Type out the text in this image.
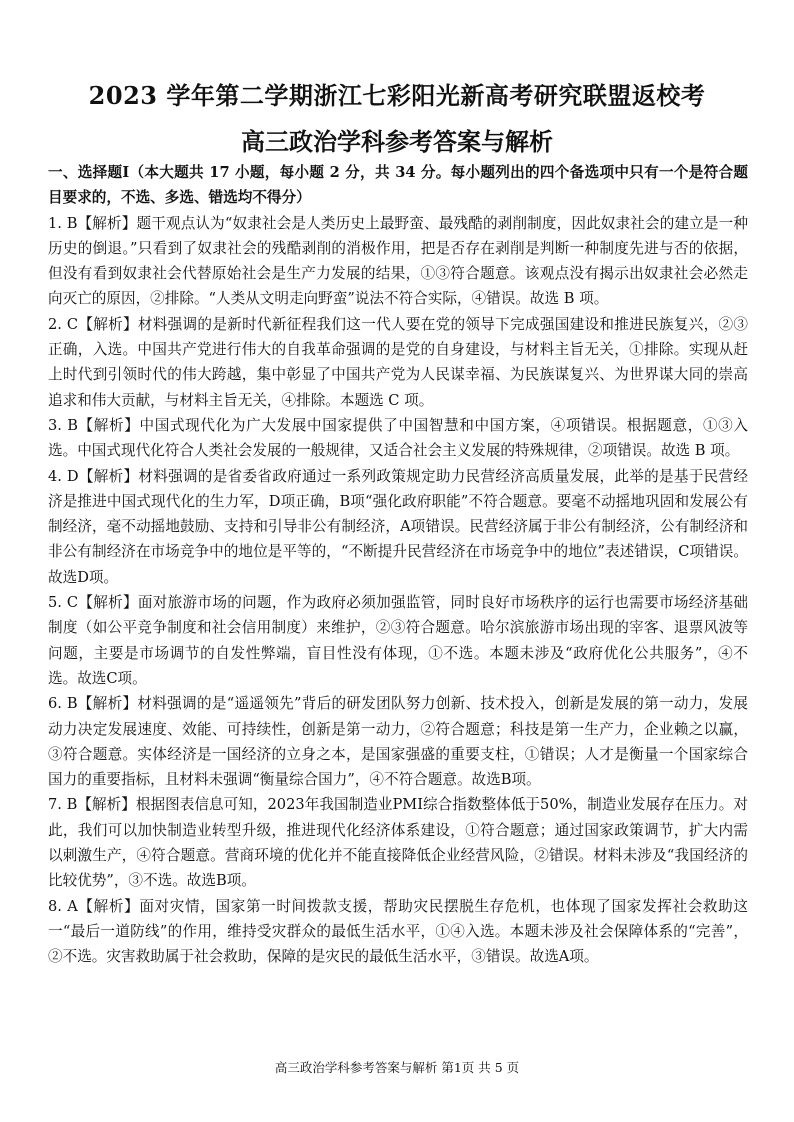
2023 学年第二学期浙江七彩阳光新高考研究联盟返校考
高三政治学科参考答案与解析

一、选择题Ⅰ（本大题共 17 小题，每小题 2 分，共 34 分。每小题列出的四个备选项中只有一个是符合题目要求的，不选、多选、错选均不得分）

1. B【解析】题干观点认为“奴隶社会是人类历史上最野蛮、最残酷的剥削制度，因此奴隶社会的建立是一种历史的倒退。”只看到了奴隶社会的残酷剥削的消极作用，把是否存在剥削是判断一种制度先进与否的依据，但没有看到奴隶社会代替原始社会是生产力发展的结果，①③符合题意。该观点没有揭示出奴隶社会必然走向灭亡的原因，②排除。“人类从文明走向野蛮”说法不符合实际，④错误。故选 B 项。

2. C【解析】材料强调的是新时代新征程我们这一代人要在党的领导下完成强国建设和推进民族复兴，②③正确，入选。中国共产党进行伟大的自我革命强调的是党的自身建设，与材料主旨无关，①排除。实现从赶上时代到引领时代的伟大跨越，集中彰显了中国共产党为人民谋幸福、为民族谋复兴、为世界谋大同的崇高追求和伟大贡献，与材料主旨无关，④排除。本题选 C 项。

3. B【解析】中国式现代化为广大发展中国家提供了中国智慧和中国方案，④项错误。根据题意，①③入选。中国式现代化符合人类社会发展的一般规律，又适合社会主义发展的特殊规律，②项错误。故选 B 项。

4. D【解析】材料强调的是省委省政府通过一系列政策规定助力民营经济高质量发展，此举的是基于民营经济是推进中国式现代化的生力军，D项正确，B项“强化政府职能”不符合题意。要毫不动摇地巩固和发展公有制经济，毫不动摇地鼓励、支持和引导非公有制经济，A项错误。民营经济属于非公有制经济，公有制经济和非公有制经济在市场竞争中的地位是平等的，“不断提升民营经济在市场竞争中的地位”表述错误，C项错误。故选D项。

5. C【解析】面对旅游市场的问题，作为政府必须加强监管，同时良好市场秩序的运行也需要市场经济基础制度（如公平竞争制度和社会信用制度）来维护，②③符合题意。哈尔滨旅游市场出现的宰客、退票风波等问题，主要是市场调节的自发性弊端，盲目性没有体现，①不选。本题未涉及“政府优化公共服务”，④不选。故选C项。

6. B【解析】材料强调的是“遥遥领先”背后的研发团队努力创新、技术投入，创新是发展的第一动力，发展动力决定发展速度、效能、可持续性，创新是第一动力，②符合题意；科技是第一生产力，企业赖之以赢，③符合题意。实体经济是一国经济的立身之本，是国家强盛的重要支柱，①错误；人才是衡量一个国家综合国力的重要指标，且材料未强调“衡量综合国力”，④不符合题意。故选B项。

7. B【解析】根据图表信息可知，2023年我国制造业PMI综合指数整体低于50%，制造业发展存在压力。对此，我们可以加快制造业转型升级，推进现代化经济体系建设，①符合题意；通过国家政策调节，扩大内需以刺激生产，④符合题意。营商环境的优化并不能直接降低企业经营风险，②错误。材料未涉及“我国经济的比较优势”，③不选。故选B项。

8. A【解析】面对灾情，国家第一时间拨款支援，帮助灾民摆脱生存危机，也体现了国家发挥社会救助这一“最后一道防线”的作用，维持受灾群众的最低生活水平，①④入选。本题未涉及社会保障体系的“完善”，②不选。灾害救助属于社会救助，保障的是灾民的最低生活水平，③错误。故选A项。

高三政治学科参考答案与解析 第1页 共 5 页
